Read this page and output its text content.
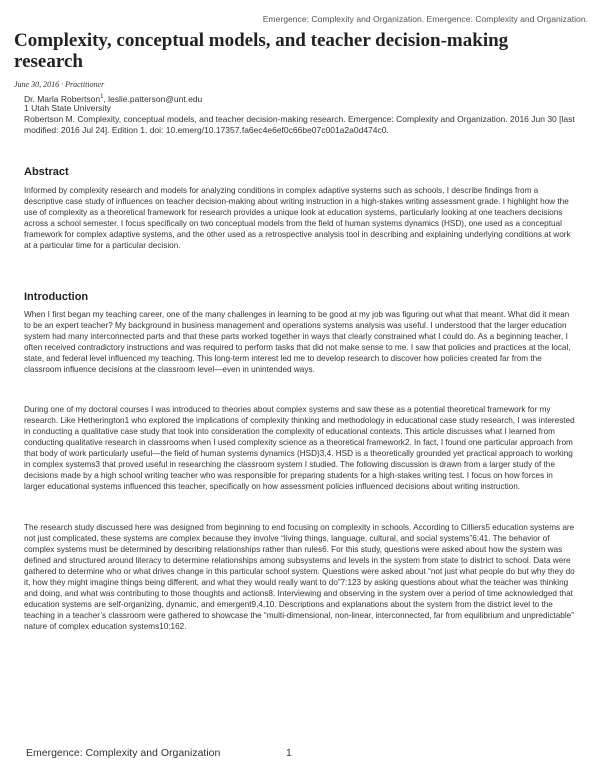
Emergence: Complexity and Organization. Emergence: Complexity and Organization.
Complexity, conceptual models, and teacher decision-making research
June 30, 2016 · Practitioner
Dr. Marla Robertson$^1$, leslie.patterson@unt.edu
1 Utah State University

Robertson M. Complexity, conceptual models, and teacher decision-making research. Emergence: Complexity and Organization. 2016 Jun 30 [last modified: 2016 Jul 24]. Edition 1. doi: 10.emerg/10.17357.fa6ec4e6ef0c66be07c001a2a0d474c0.

Abstract

Informed by complexity research and models for analyzing conditions in complex adaptive systems such as schools, I describe findings from a descriptive case study of influences on teacher decision-making about writing instruction in a high-stakes writing assessment grade. I highlight how the use of complexity as a theoretical framework for research provides a unique look at education systems, particularly looking at one teachers decisions across a school semester. I focus specifically on two conceptual models from the field of human systems dynamics (HSD), one used as a conceptual framework for complex adaptive systems, and the other used as a retrospective analysis tool in describing and explaining underlying conditions at work at a particular time for a particular decision.

Introduction

When I first began my teaching career, one of the many challenges in learning to be good at my job was figuring out what that meant. What did it mean to be an expert teacher? My background in business management and operations systems analysis was useful. I understood that the larger education system had many interconnected parts and that these parts worked together in ways that clearly constrained what I could do. As a beginning teacher, I often received contradictory instructions and was required to perform tasks that did not make sense to me. I saw that policies and practices at the local, state, and federal level influenced my teaching. This long-term interest led me to develop research to discover how policies created far from the classroom influence decisions at the classroom level—even in unintended ways.

During one of my doctoral courses I was introduced to theories about complex systems and saw these as a potential theoretical framework for my research. Like Hetherington1 who explored the implications of complexity thinking and methodology in educational case study research, I was interested in conducting a qualitative case study that took into consideration the complexity of educational contexts. This article discusses what I learned from conducting qualitative research in classrooms when I used complexity science as a theoretical framework2. In fact, I found one particular approach from that body of work particularly useful—the field of human systems dynamics (HSD)3,4. HSD is a theoretically grounded yet practical approach to working in complex systems3 that proved useful in researching the classroom system I studied. The following discussion is drawn from a larger study of the decisions made by a high school writing teacher who was responsible for preparing students for a high-stakes writing test. I focus on how forces in larger educational systems influenced this teacher, specifically on how assessment policies influenced decisions about writing instruction.

The research study discussed here was designed from beginning to end focusing on complexity in schools. According to Cilliers5 education systems are not just complicated, these systems are complex because they involve “living things, language, cultural, and social systems”6:41. The behavior of complex systems must be determined by describing relationships rather than rules6. For this study, questions were asked about how the system was defined and structured around literacy to determine relationships among subsystems and levels in the system from state to district to school. Data were gathered to determine who or what drives change in this particular school system. Questions were asked about “not just what people do but why they do it, how they might imagine things being different, and what they would really want to do”7:123 by asking questions about what the teacher was thinking and doing, and what was contributing to those thoughts and actions8. Interviewing and observing in the system over a period of time acknowledged that education systems are self-organizing, dynamic, and emergent9,4,10. Descriptions and explanations about the system from the district level to the teaching in a teacher’s classroom were gathered to showcase the “multi-dimensional, non-linear, interconnected, far from equilibrium and unpredictable” nature of complex education systems10:162.

Emergence: Complexity and Organization	1
